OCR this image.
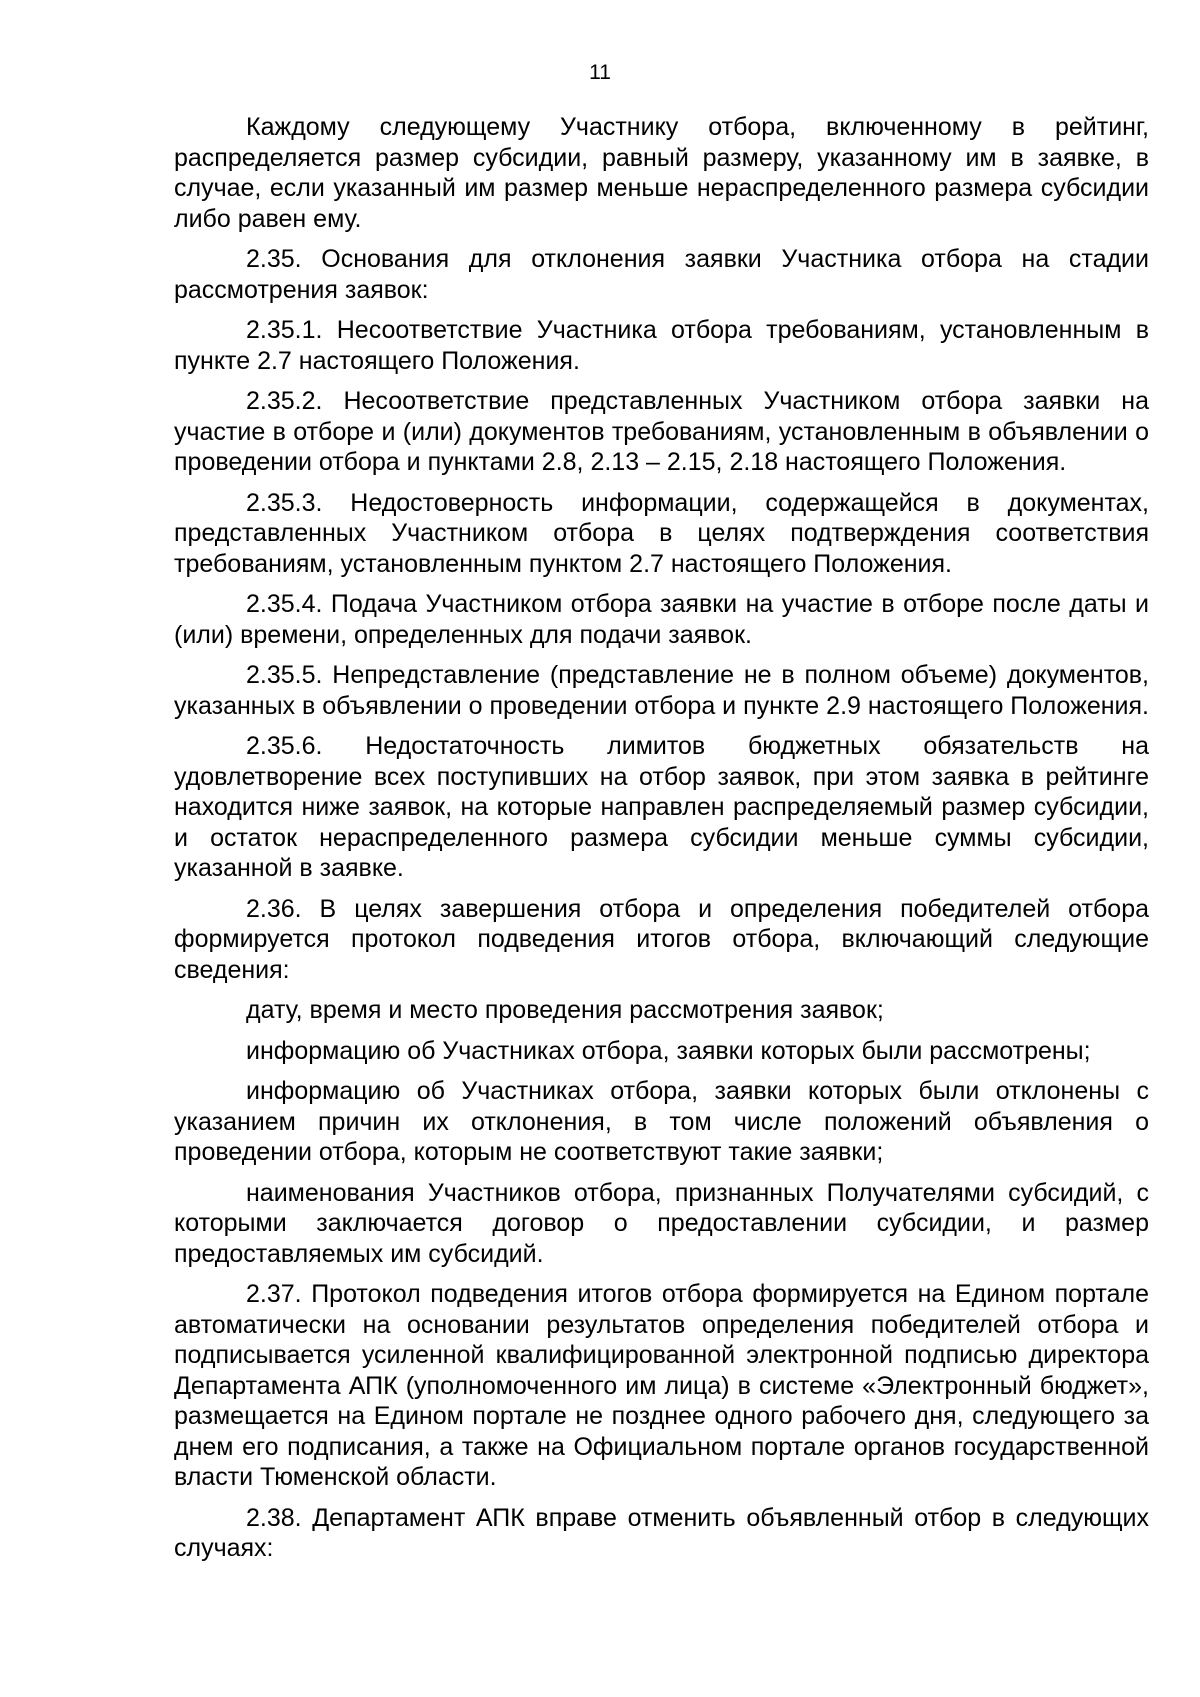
11

Каждому следующему Участнику отбора, включенному в рейтинг, распределяется размер субсидии, равный размеру, указанному им в заявке, в случае, если указанный им размер меньше нераспределенного размера субсидии либо равен ему.

2.35. Основания для отклонения заявки Участника отбора на стадии рассмотрения заявок:

2.35.1. Несоответствие Участника отбора требованиям, установленным в пункте 2.7 настоящего Положения.

2.35.2. Несоответствие представленных Участником отбора заявки на участие в отборе и (или) документов требованиям, установленным в объявлении о проведении отбора и пунктами 2.8, 2.13 – 2.15, 2.18 настоящего Положения.

2.35.3. Недостоверность информации, содержащейся в документах, представленных Участником отбора в целях подтверждения соответствия требованиям, установленным пунктом 2.7 настоящего Положения.

2.35.4. Подача Участником отбора заявки на участие в отборе после даты и (или) времени, определенных для подачи заявок.

2.35.5. Непредставление (представление не в полном объеме) документов, указанных в объявлении о проведении отбора и пункте 2.9 настоящего Положения.

2.35.6. Недостаточность лимитов бюджетных обязательств на удовлетворение всех поступивших на отбор заявок, при этом заявка в рейтинге находится ниже заявок, на которые направлен распределяемый размер субсидии, и остаток нераспределенного размера субсидии меньше суммы субсидии, указанной в заявке.

2.36. В целях завершения отбора и определения победителей отбора формируется протокол подведения итогов отбора, включающий следующие сведения:

дату, время и место проведения рассмотрения заявок;

информацию об Участниках отбора, заявки которых были рассмотрены;

информацию об Участниках отбора, заявки которых были отклонены с указанием причин их отклонения, в том числе положений объявления о проведении отбора, которым не соответствуют такие заявки;

наименования Участников отбора, признанных Получателями субсидий, с которыми заключается договор о предоставлении субсидии, и размер предоставляемых им субсидий.

2.37. Протокол подведения итогов отбора формируется на Едином портале автоматически на основании результатов определения победителей отбора и подписывается усиленной квалифицированной электронной подписью директора Департамента АПК (уполномоченного им лица) в системе «Электронный бюджет», размещается на Едином портале не позднее одного рабочего дня, следующего за днем его подписания, а также на Официальном портале органов государственной власти Тюменской области.

2.38. Департамент АПК вправе отменить объявленный отбор в следующих случаях:
